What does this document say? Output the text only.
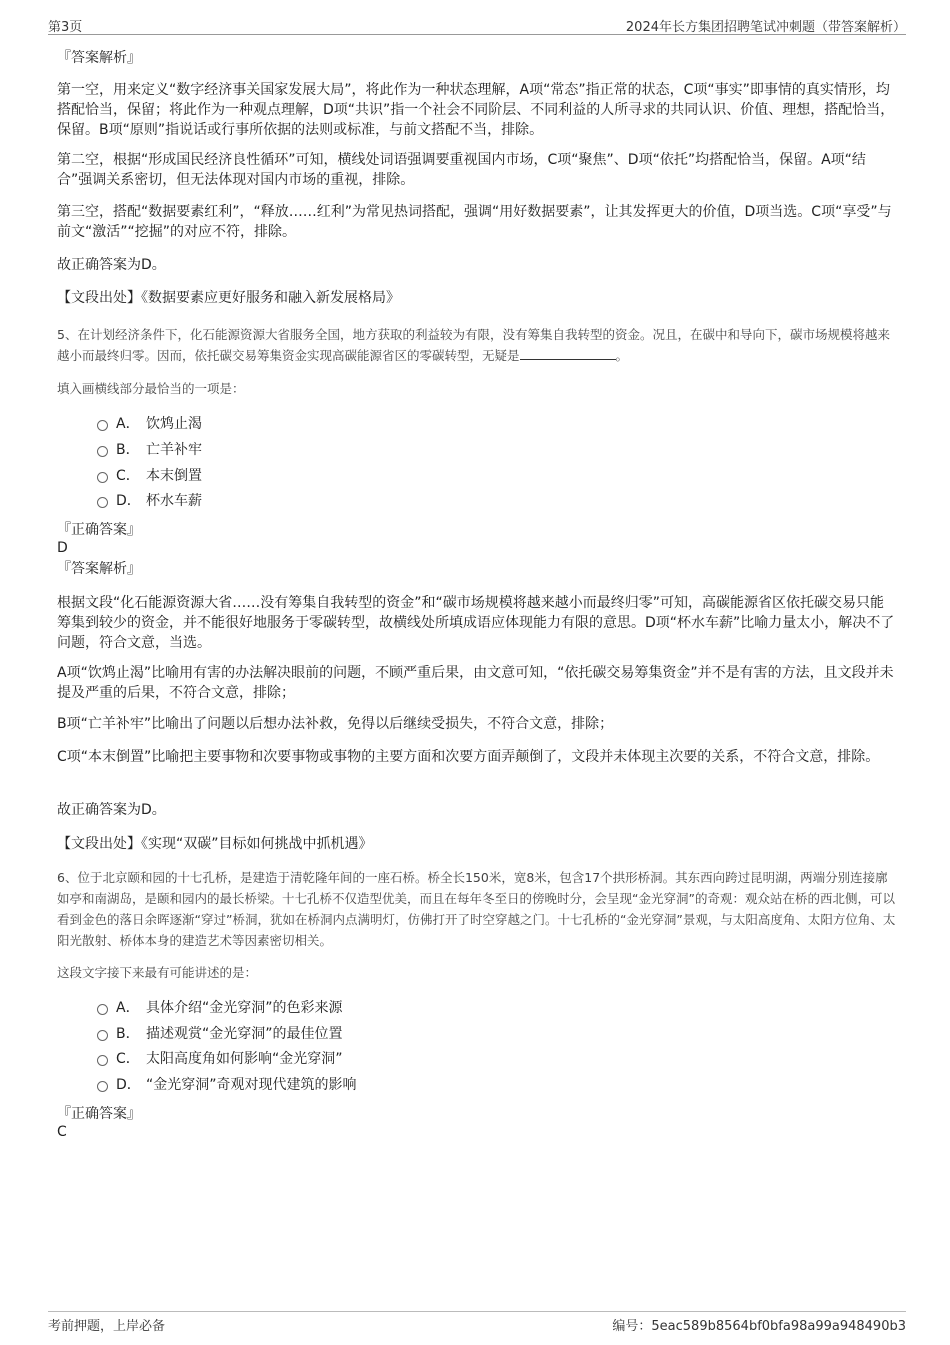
第3页	2024年长方集团招聘笔试冲刺题（带答案解析）
『答案解析』

第一空，用来定义“数字经济事关国家发展大局”，将此作为一种状态理解，A项“常态”指正常的状态，C项“事实”即事情的真实情形，均搭配恰当，保留；将此作为一种观点理解，D项“共识”指一个社会不同阶层、不同利益的人所寻求的共同认识、价值、理想，搭配恰当，保留。B项“原则”指说话或行事所依据的法则或标准，与前文搭配不当，排除。

第二空，根据“形成国民经济良性循环”可知，横线处词语强调要重视国内市场，C项“聚焦”、D项“依托”均搭配恰当，保留。A项“结合”强调关系密切，但无法体现对国内市场的重视，排除。

第三空，搭配“数据要素红利”，“释放……红利”为常见热词搭配，强调“用好数据要素”，让其发挥更大的价值，D项当选。C项“享受”与前文“激活”“挖掘”的对应不符，排除。

故正确答案为D。

【文段出处】《数据要素应更好服务和融入新发展格局》

5、在计划经济条件下，化石能源资源大省服务全国，地方获取的利益较为有限，没有筹集自我转型的资金。况且，在碳中和导向下，碳市场规模将越来越小而最终归零。因而，依托碳交易筹集资金实现高碳能源省区的零碳转型，无疑是	。

填入画横线部分最恰当的一项是：

A． 饮鸩止渴
B． 亡羊补牢
C． 本末倒置
D． 杯水车薪
『正确答案』
D
『答案解析』

根据文段“化石能源资源大省……没有筹集自我转型的资金”和“碳市场规模将越来越小而最终归零”可知，高碳能源省区依托碳交易只能筹集到较少的资金，并不能很好地服务于零碳转型，故横线处所填成语应体现能力有限的意思。D项“杯水车薪”比喻力量太小，解决不了问题，符合文意，当选。

A项“饮鸩止渴”比喻用有害的办法解决眼前的问题，不顾严重后果，由文意可知，“依托碳交易筹集资金”并不是有害的方法，且文段并未提及严重的后果，不符合文意，排除；

B项“亡羊补牢”比喻出了问题以后想办法补救，免得以后继续受损失，不符合文意，排除；

C项“本末倒置”比喻把主要事物和次要事物或事物的主要方面和次要方面弄颠倒了，文段并未体现主次要的关系，不符合文意，排除。

故正确答案为D。

【文段出处】《实现“双碳”目标如何挑战中抓机遇》

6、位于北京颐和园的十七孔桥，是建造于清乾隆年间的一座石桥。桥全长150米，宽8米，包含17个拱形桥洞。其东西向跨过昆明湖，两端分别连接廓如亭和南湖岛，是颐和园内的最长桥梁。十七孔桥不仅造型优美，而且在每年冬至日的傍晚时分，会呈现“金光穿洞”的奇观：观众站在桥的西北侧，可以看到金色的落日余晖逐渐“穿过”桥洞，犹如在桥洞内点满明灯，仿佛打开了时空穿越之门。十七孔桥的“金光穿洞”景观，与太阳高度角、太阳方位角、太阳光散射、桥体本身的建造艺术等因素密切相关。

这段文字接下来最有可能讲述的是：

A． 具体介绍“金光穿洞”的色彩来源
B． 描述观赏“金光穿洞”的最佳位置
C． 太阳高度角如何影响“金光穿洞”
D． “金光穿洞”奇观对现代建筑的影响
『正确答案』
C
考前押题，上岸必备	编号：5eac589b8564bf0bfa98a99a948490b3
